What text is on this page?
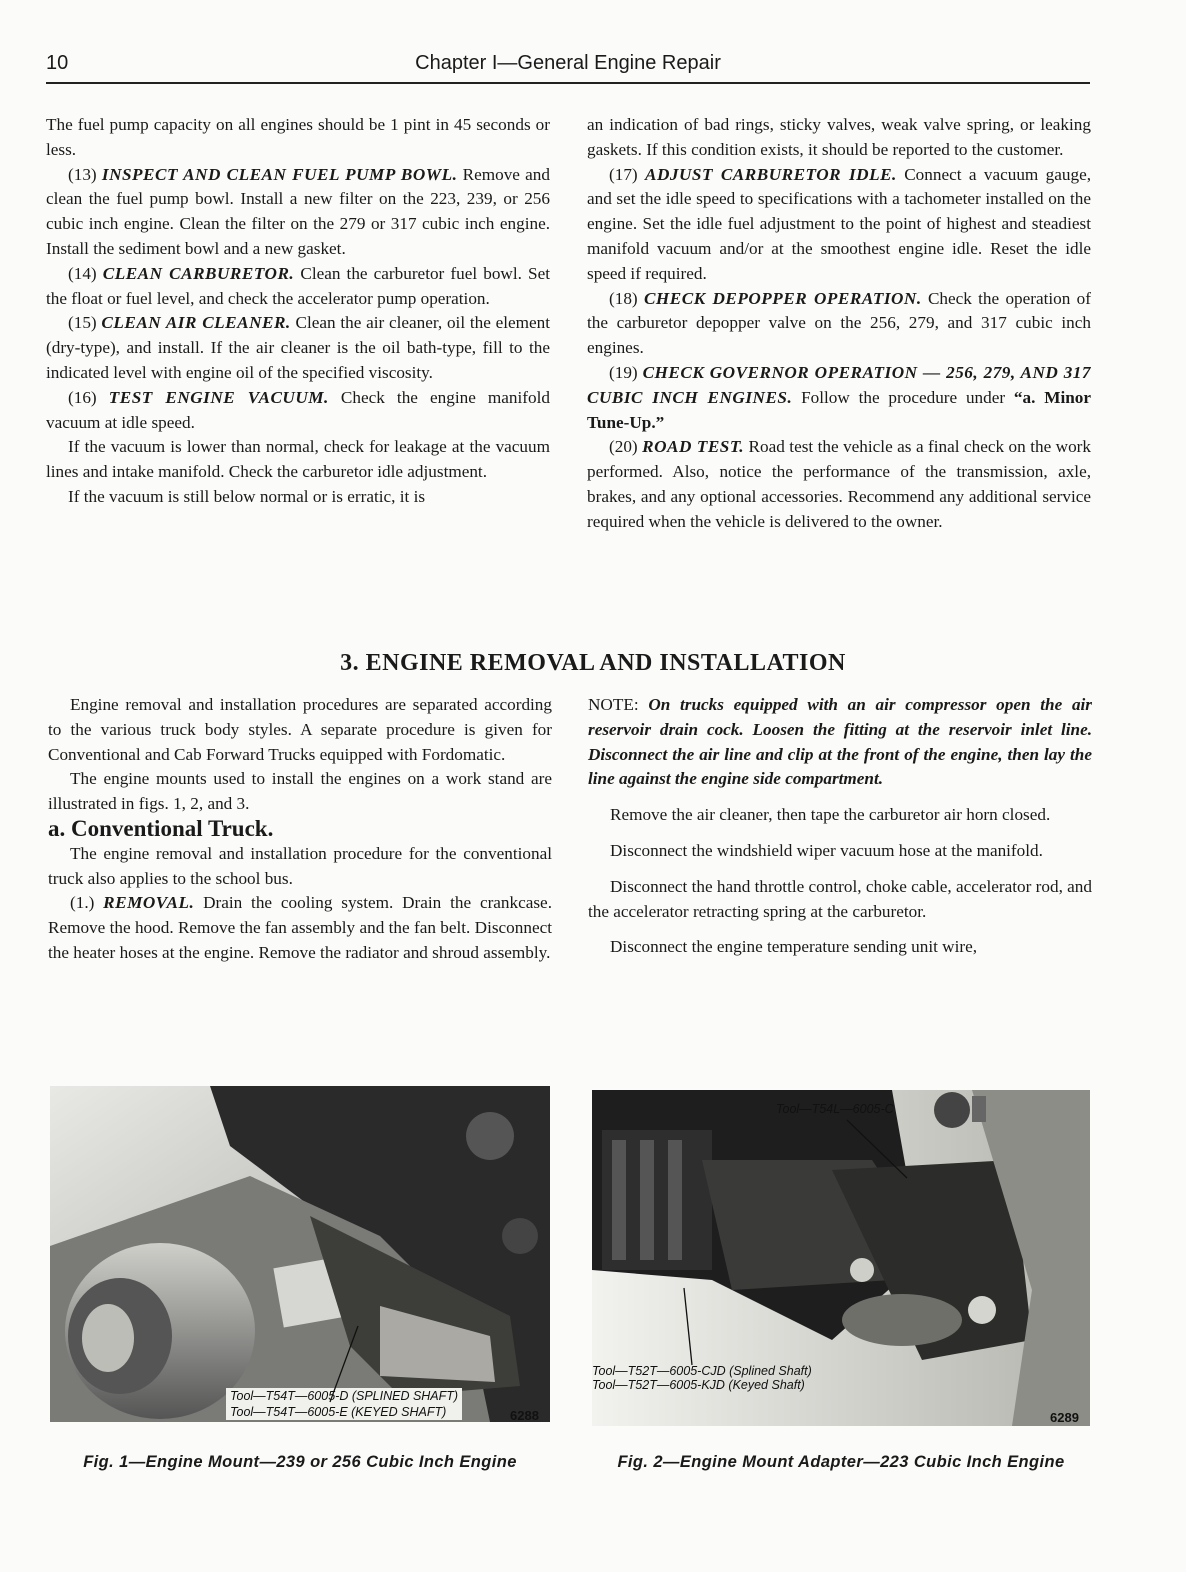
10	Chapter I—General Engine Repair

The fuel pump capacity on all engines should be 1 pint in 45 seconds or less.

(13) INSPECT AND CLEAN FUEL PUMP BOWL. Remove and clean the fuel pump bowl. Install a new filter on the 223, 239, or 256 cubic inch engine. Clean the filter on the 279 or 317 cubic inch engine. Install the sediment bowl and a new gasket.

(14) CLEAN CARBURETOR. Clean the carburetor fuel bowl. Set the float or fuel level, and check the accelerator pump operation.

(15) CLEAN AIR CLEANER. Clean the air cleaner, oil the element (dry-type), and install. If the air cleaner is the oil bath-type, fill to the indicated level with engine oil of the specified viscosity.

(16) TEST ENGINE VACUUM. Check the engine manifold vacuum at idle speed.

If the vacuum is lower than normal, check for leakage at the vacuum lines and intake manifold. Check the carburetor idle adjustment.

If the vacuum is still below normal or is erratic, it is

an indication of bad rings, sticky valves, weak valve spring, or leaking gaskets. If this condition exists, it should be reported to the customer.

(17) ADJUST CARBURETOR IDLE. Connect a vacuum gauge, and set the idle speed to specifications with a tachometer installed on the engine. Set the idle fuel adjustment to the point of highest and steadiest manifold vacuum and/or at the smoothest engine idle. Reset the idle speed if required.

(18) CHECK DEPOPPER OPERATION. Check the operation of the carburetor depopper valve on the 256, 279, and 317 cubic inch engines.

(19) CHECK GOVERNOR OPERATION — 256, 279, AND 317 CUBIC INCH ENGINES. Follow the procedure under “a. Minor Tune-Up.”

(20) ROAD TEST. Road test the vehicle as a final check on the work performed. Also, notice the performance of the transmission, axle, brakes, and any optional accessories. Recommend any additional service required when the vehicle is delivered to the owner.

3. ENGINE REMOVAL AND INSTALLATION

Engine removal and installation procedures are separated according to the various truck body styles. A separate procedure is given for Conventional and Cab Forward Trucks equipped with Fordomatic.

The engine mounts used to install the engines on a work stand are illustrated in figs. 1, 2, and 3.

a. Conventional Truck.

The engine removal and installation procedure for the conventional truck also applies to the school bus.

(1.) REMOVAL. Drain the cooling system. Drain the crankcase. Remove the hood. Remove the fan assembly and the fan belt. Disconnect the heater hoses at the engine. Remove the radiator and shroud assembly.

NOTE: On trucks equipped with an air compressor open the air reservoir drain cock. Loosen the fitting at the reservoir inlet line. Disconnect the air line and clip at the front of the engine, then lay the line against the engine side compartment.

Remove the air cleaner, then tape the carburetor air horn closed.

Disconnect the windshield wiper vacuum hose at the manifold.

Disconnect the hand throttle control, choke cable, accelerator rod, and the accelerator retracting spring at the carburetor.

Disconnect the engine temperature sending unit wire,

Tool—T54T—6005-D (SPLINED SHAFT)
Tool—T54T—6005-E (KEYED SHAFT)	6288
Fig. 1—Engine Mount—239 or 256 Cubic Inch Engine
Tool—T54L—6005-C
Tool—T52T—6005-CJD (Splined Shaft)
Tool—T52T—6005-KJD (Keyed Shaft)
6289
Fig. 2—Engine Mount Adapter—223 Cubic Inch Engine
